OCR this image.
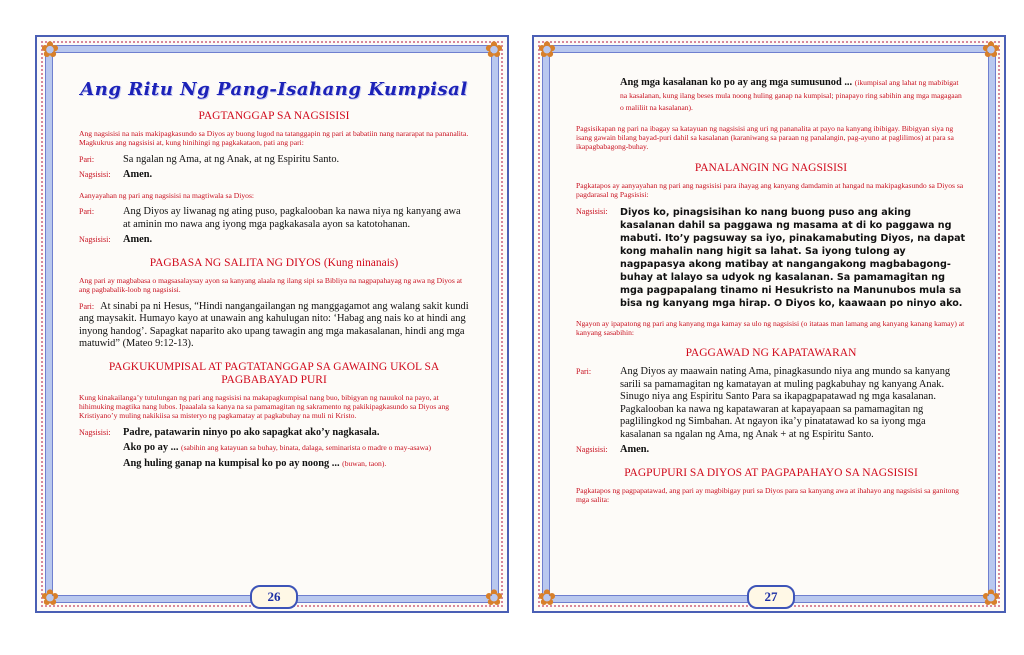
✿	✿
✿	✿
Ang Ritu Ng Pang-Isahang Kumpisal
PAGTANGGAP SA NAGSISISI
Ang nagsisisi na nais makipagkasundo sa Diyos ay buong lugod na tatanggapin ng pari at babatiin nang nararapat na pananalita. Magkukrus ang nagsisisi at, kung hinihingi ng pagkakataon, pati ang pari:
Pari:	Sa ngalan ng Ama, at ng Anak, at ng Espiritu Santo.
Nagsisisi:	Amen.
Aanyayahan ng pari ang nagsisisi na magtiwala sa Diyos:
Pari:	Ang Diyos ay liwanag ng ating puso, pagkalooban ka nawa niya ng kanyang awa at aminin mo nawa ang iyong mga pagkakasala ayon sa katotohanan.
Nagsisisi:	Amen.
PAGBASA NG SALITA NG DIYOS (Kung ninanais)
Ang pari ay magbabasa o magsasalaysay ayon sa kanyang alaala ng ilang sipi sa Bibliya na nagpapahayag ng awa ng Diyos at ang pagbabalik-loob ng nagsisisi.
Pari: At sinabi pa ni Hesus, “Hindi nangangailangan ng manggagamot ang walang sakit kundi ang maysakit. Humayo kayo at unawain ang kahulugan nito: ‘Habag ang nais ko at hindi ang inyong handog’. Sapagkat naparito ako upang tawagin ang mga makasalanan, hindi ang mga matuwid” (Mateo 9:12-13).
PAGKUKUMPISAL AT PAGTATANGGAP SA GAWAING UKOL SA PAGBABAYAD PURI
Kung kinakailanga’y tutulungan ng pari ang nagsisisi na makapagkumpisal nang buo, bibigyan ng nauukol na payo, at hihimuking magtika nang lubos. Ipaaalala sa kanya na sa pamamagitan ng sakramento ng pakikipagkasundo sa Diyos ang Kristiyano’y muling nakikiisa sa misteryo ng pagkamatay at pagkabuhay na muli ni Kristo.
Nagsisisi:	Padre, patawarin ninyo po ako sapagkat ako’y nagkasala.
Ako po ay ... (sabihin ang katayuan sa buhay, binata, dalaga, seminarista o madre o may-asawa)
Ang huling ganap na kumpisal ko po ay noong ... (buwan, taon).
26
✿	✿
✿	✿
Ang mga kasalanan ko po ay ang mga sumusunod ... (ikumpisal ang lahat ng mabibigat na kasalanan, kung ilang beses mula noong huling ganap na kumpisal; pinapayo ring sabihin ang mga magagaan o maliliit na kasalanan).
Pagsisikapan ng pari na ibagay sa katayuan ng nagsisisi ang uri ng pananalita at payo na kanyang ibibigay. Bibigyan siya ng isang gawain bilang bayad-puri dahil sa kasalanan (karaniwang sa paraan ng panalangin, pag-ayuno at paglilimos) at para sa ikapagbabagong-buhay.
PANALANGIN NG NAGSISISI
Pagkatapos ay aanyayahan ng pari ang nagsisisi para ihayag ang kanyang damdamin at hangad na makipagkasundo sa Diyos sa pagdarasal ng Pagsisisi:
Nagsisisi:	Diyos ko, pinagsisihan ko nang buong puso ang aking kasalanan dahil sa paggawa ng masama at di ko paggawa ng mabuti. Ito’y pagsuway sa iyo, pinakamabuting Diyos, na dapat kong mahalin nang higit sa lahat. Sa iyong tulong ay nagpapasya akong matibay at nangangakong magbabagong-buhay at lalayo sa udyok ng kasalanan. Sa pamamagitan ng mga pagpapalang tinamo ni Hesukristo na Manunubos mula sa bisa ng kanyang mga hirap. O Diyos ko, kaawaan po ninyo ako.
Ngayon ay ipapatong ng pari ang kanyang mga kamay sa ulo ng nagsisisi (o itataas man lamang ang kanyang kanang kamay) at kanyang sasabihin:
PAGGAWAD NG KAPATAWARAN
Pari:	Ang Diyos ay maawain nating Ama, pinagkasundo niya ang mundo sa kanyang sarili sa pamamagitan ng kamatayan at muling pagkabuhay ng kanyang Anak. Sinugo niya ang Espiritu Santo Para sa ikapagpapatawad ng mga kasalanan. Pagkalooban ka nawa ng kapatawaran at kapayapaan sa pamamagitan ng paglilingkod ng Simbahan. At ngayon ika’y pinatatawad ko sa iyong mga kasalanan sa ngalan ng Ama, ng Anak + at ng Espiritu Santo.
Nagsisisi:	Amen.
PAGPUPURI SA DIYOS AT PAGPAPAHAYO SA NAGSISISI
Pagkatapos ng pagpapatawad, ang pari ay magbibigay puri sa Diyos para sa kanyang awa at ihahayo ang nagsisisi sa ganitong mga salita:
27
